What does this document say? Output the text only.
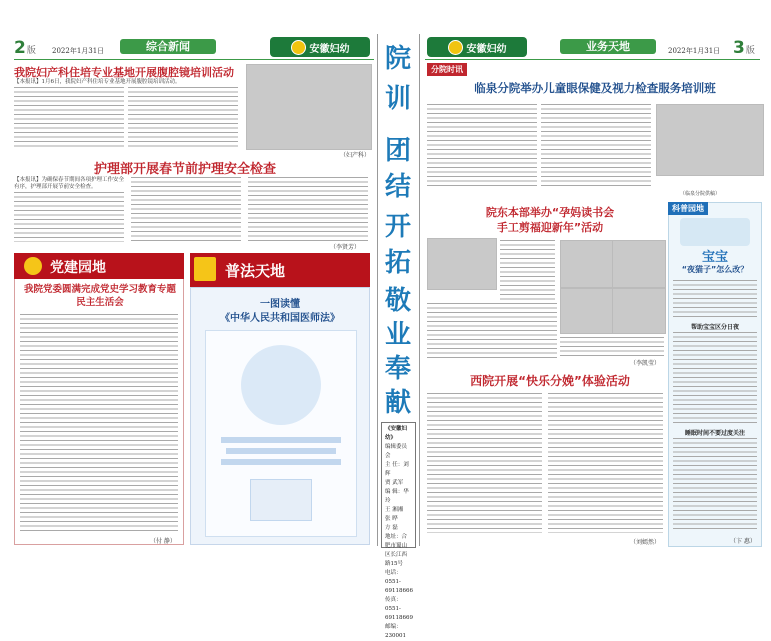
2版 2022年1月31日	综合新闻	安徽妇幼
我院妇产科住培专业基地开展腹腔镜培训活动
【本报讯】1月6日，我院妇产科住培专业基地开展腹腔镜培训活动。
（妇产科）
护理部开展春节前护理安全检查
【本报讯】为确保春节期间各项护理工作安全有序，护理部开展节前安全检查。
（李贤芳）
党建园地
我院党委圆满完成党史学习教育专题民主生活会
（付 静）
普法天地
一图读懂
《中华人民共和国医师法》
院
训
团
结
开
拓
敬
业
奉
献
《安徽妇幼》
编辑委员会
主 任：刘 辉
贾 武军
编 辑：华 玲
王 湘湘
张 晔
方 磊
地址：合肥市蜀山区长江西路15号
电话：0551-69118666
传真：0551-69118669
邮编：230001
安徽妇幼	业务天地	2022年1月31日 3版
分院时讯
临泉分院举办儿童眼保健及视力检查服务培训班
（临泉分院供稿）
院东本部举办“孕妈读书会
手工剪福迎新年”活动
（李凯莹）
西院开展“快乐分娩”体验活动
（刘嫣然）
科普园地
宝宝
“夜猫子”怎么改？
帮助宝宝区分日夜
睡眠时间不要过度关注
（卞 惠）
